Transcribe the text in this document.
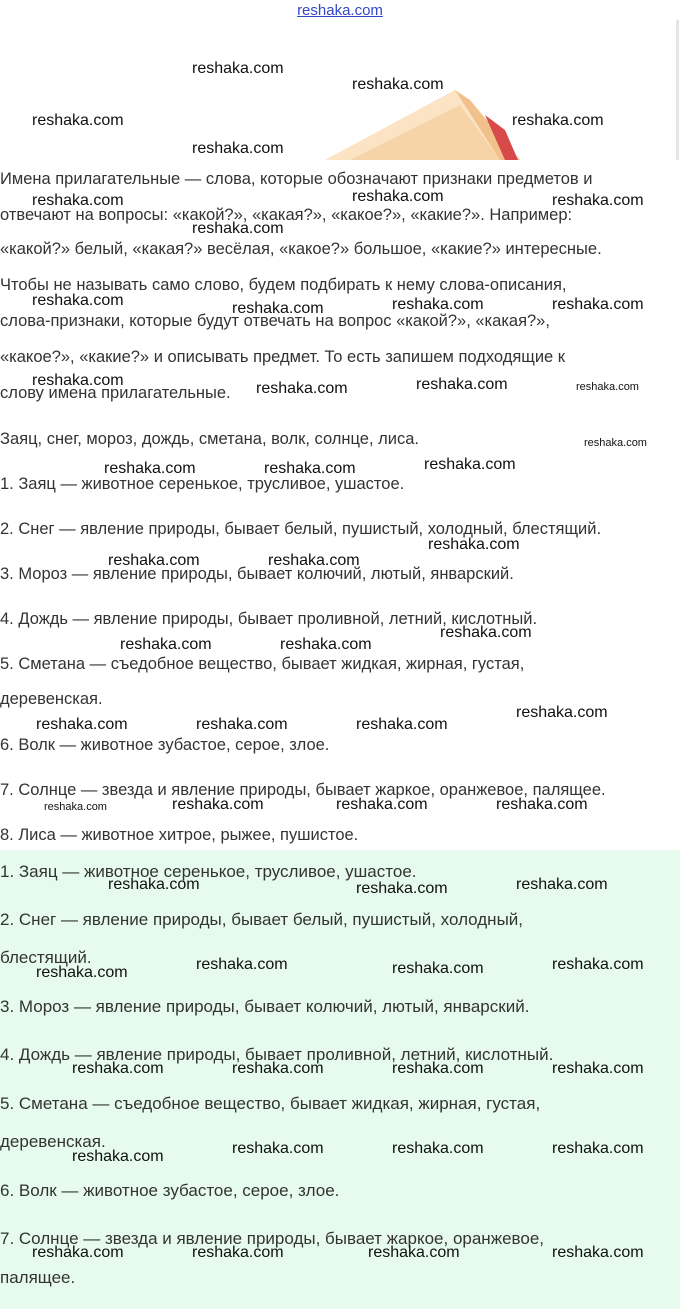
reshaka.com

Имена прилагательные — слова, которые обозначают признаки предметов и

отвечают на вопросы: «какой?», «какая?», «какое?», «какие?». Например:

«какой?» белый, «какая?» весёлая, «какое?» большое, «какие?» интересные.

Чтобы не называть само слово, будем подбирать к нему слова-описания,

слова-признаки, которые будут отвечать на вопрос «какой?», «какая?»,

«какое?», «какие?» и описывать предмет. То есть запишем подходящие к

слову имена прилагательные.

Заяц, снег, мороз, дождь, сметана, волк, солнце, лиса.

1. Заяц — животное серенькое, трусливое, ушастое.

2. Снег — явление природы, бывает белый, пушистый, холодный, блестящий.

3. Мороз — явление природы, бывает колючий, лютый, январский.

4. Дождь — явление природы, бывает проливной, летний, кислотный.

5. Сметана — съедобное вещество, бывает жидкая, жирная, густая,

деревенская.

6. Волк — животное зубастое, серое, злое.

7. Солнце — звезда и явление природы, бывает жаркое, оранжевое, палящее.

8. Лиса — животное хитрое, рыжее, пушистое.

1. Заяц — животное серенькое, трусливое, ушастое.

2. Снег — явление природы, бывает белый, пушистый, холодный,

блестящий.

3. Мороз — явление природы, бывает колючий, лютый, январский.

4. Дождь — явление природы, бывает проливной, летний, кислотный.

5. Сметана — съедобное вещество, бывает жидкая, жирная, густая,

деревенская.

6. Волк — животное зубастое, серое, злое.

7. Солнце — звезда и явление природы, бывает жаркое, оранжевое,

палящее.

reshaka.com
reshaka.com
reshaka.com	reshaka.com
reshaka.com
reshaka.com
reshaka.com	reshaka.com
reshaka.com
reshaka.com	reshaka.com	reshaka.com	reshaka.com
reshaka.com	reshaka.com	reshaka.com	reshaka.com
reshaka.com
reshaka.com	reshaka.com	reshaka.com
reshaka.com
reshaka.com	reshaka.com
reshaka.com
reshaka.com	reshaka.com
reshaka.com
reshaka.com	reshaka.com	reshaka.com
reshaka.com	reshaka.com	reshaka.com	reshaka.com
reshaka.com	reshaka.com	reshaka.com
reshaka.com
reshaka.com	reshaka.com	reshaka.com
reshaka.com	reshaka.com	reshaka.com	reshaka.com
reshaka.com	reshaka.com	reshaka.com
reshaka.com
reshaka.com	reshaka.com	reshaka.com	reshaka.com
